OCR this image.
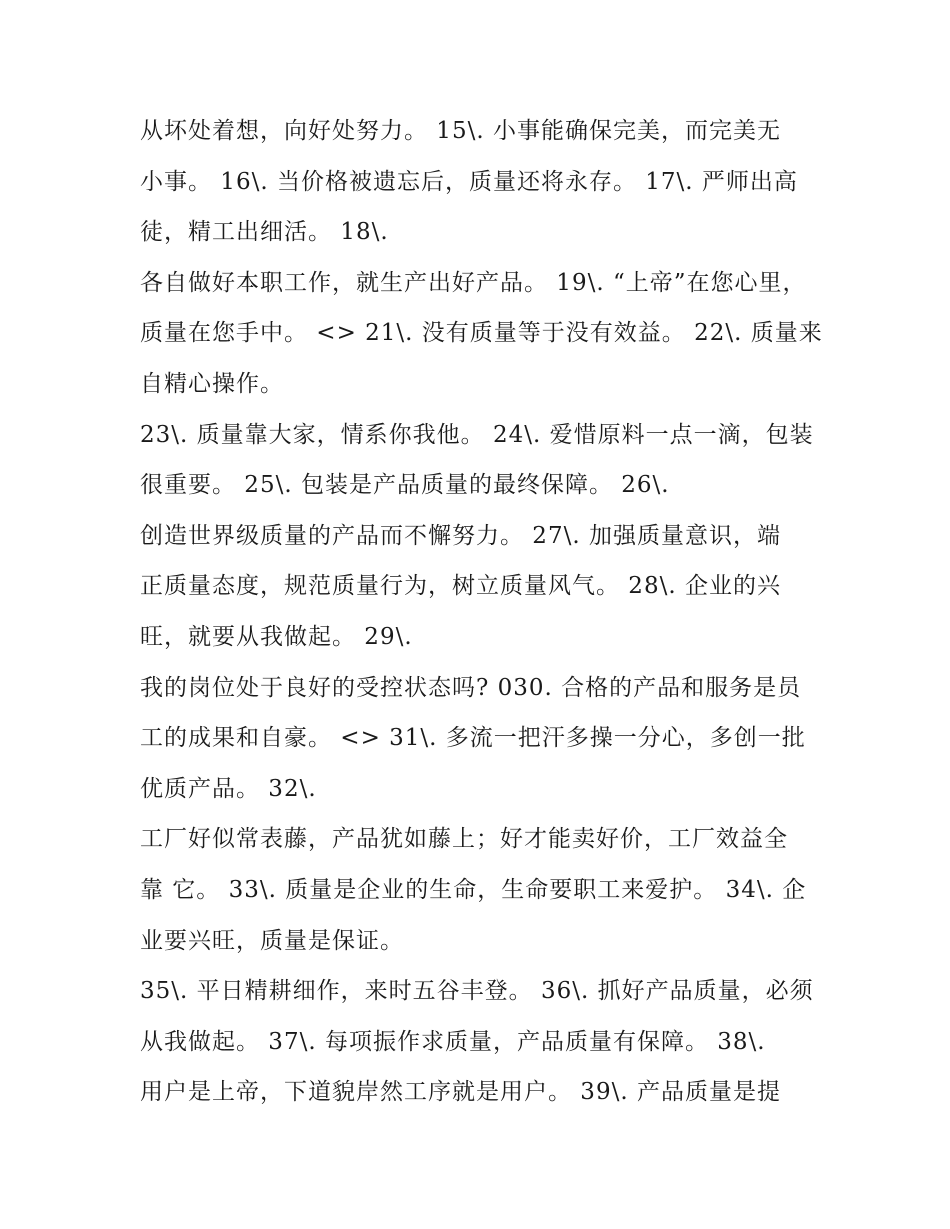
从坏处着想，向好处努力。 15\. 小事能确保完美，而完美无
小事。 16\. 当价格被遗忘后，质量还将永存。 17\. 严师出高
徒，精工出细活。 18\.
各自做好本职工作，就生产出好产品。 19\. “上帝”在您心里，
质量在您手中。 <> 21\. 没有质量等于没有效益。 22\. 质量来
自精心操作。
23\. 质量靠大家，情系你我他。 24\. 爱惜原料一点一滴，包装
很重要。 25\. 包装是产品质量的最终保障。 26\.
创造世界级质量的产品而不懈努力。 27\. 加强质量意识，端
正质量态度，规范质量行为，树立质量风气。 28\. 企业的兴
旺，就要从我做起。 29\.
我的岗位处于良好的受控状态吗? 030. 合格的产品和服务是员
工的成果和自豪。 <> 31\. 多流一把汗多操一分心，多创一批
优质产品。 32\.
工厂好似常表藤，产品犹如藤上；好才能卖好价，工厂效益全
靠 它。 33\. 质量是企业的生命，生命要职工来爱护。 34\. 企
业要兴旺，质量是保证。
35\. 平日精耕细作，来时五谷丰登。 36\. 抓好产品质量，必须
从我做起。 37\. 每项振作求质量，产品质量有保障。 38\.
用户是上帝，下道貌岸然工序就是用户。 39\. 产品质量是提
